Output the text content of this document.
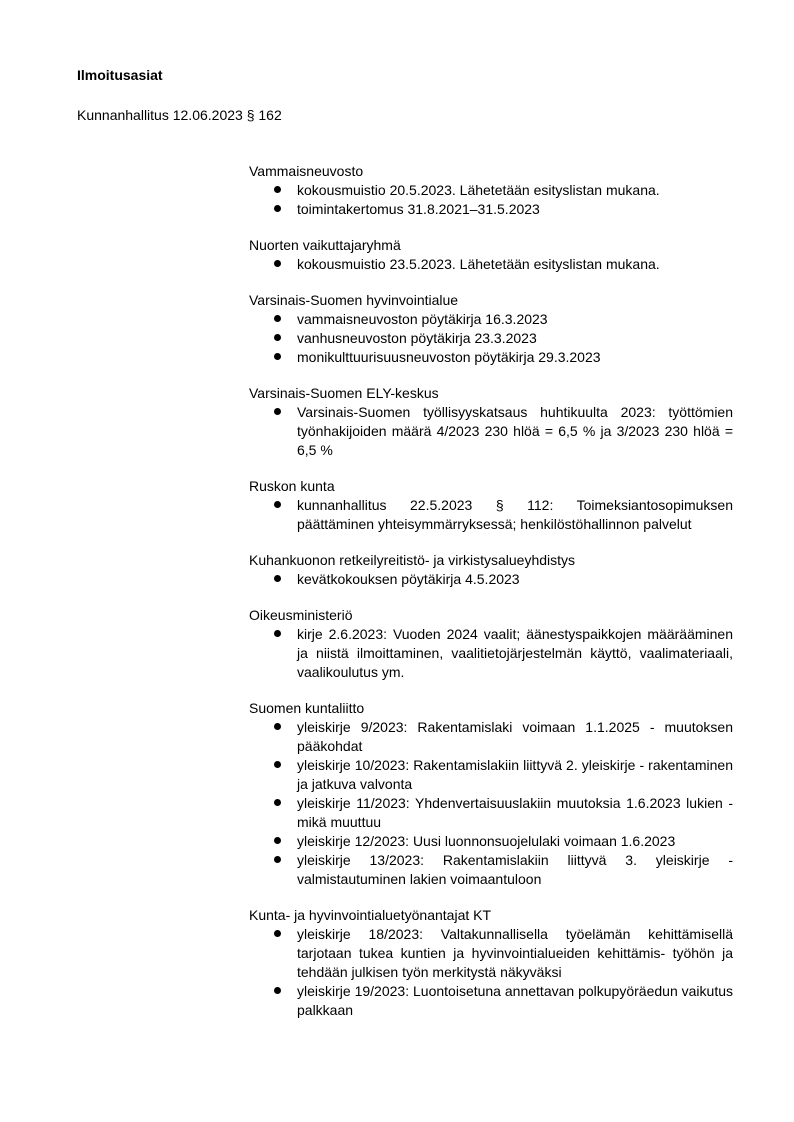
Ilmoitusasiat
Kunnanhallitus 12.06.2023 § 162
Vammaisneuvosto
kokousmuistio 20.5.2023. Lähetetään esityslistan mukana.
toimintakertomus 31.8.2021–31.5.2023
Nuorten vaikuttajaryhmä
kokousmuistio 23.5.2023. Lähetetään esityslistan mukana.
Varsinais-Suomen hyvinvointialue
vammaisneuvoston pöytäkirja 16.3.2023
vanhusneuvoston pöytäkirja 23.3.2023
monikulttuurisuusneuvoston pöytäkirja 29.3.2023
Varsinais-Suomen ELY-keskus
Varsinais-Suomen työllisyyskatsaus huhtikuulta 2023: työttömien työnhakijoiden määrä 4/2023 230 hlöä = 6,5 % ja 3/2023 230 hlöä = 6,5 %
Ruskon kunta
kunnanhallitus 22.5.2023 § 112: Toimeksiantosopimuksen päättäminen yhteisymmärryksessä; henkilöstöhallinnon palvelut
Kuhankuonon retkeilyreitistö- ja virkistysalueyhdistys
kevätkokouksen pöytäkirja 4.5.2023
Oikeusministeriö
kirje 2.6.2023: Vuoden 2024 vaalit; äänestyspaikkojen määrääminen ja niistä ilmoittaminen, vaalitietojärjestelmän käyttö, vaalimateriaali, vaalikoulutus ym.
Suomen kuntaliitto
yleiskirje 9/2023: Rakentamislaki voimaan 1.1.2025 - muutoksen pääkohdat
yleiskirje 10/2023: Rakentamislakiin liittyvä 2. yleiskirje - rakentaminen ja jatkuva valvonta
yleiskirje 11/2023: Yhdenvertaisuuslakiin muutoksia 1.6.2023 lukien - mikä muuttuu
yleiskirje 12/2023: Uusi luonnonsuojelulaki voimaan 1.6.2023
yleiskirje 13/2023: Rakentamislakiin liittyvä 3. yleiskirje - valmistautuminen lakien voimaantuloon
Kunta- ja hyvinvointialuetyönantajat KT
yleiskirje 18/2023: Valtakunnallisella työelämän kehittämisellä tarjotaan tukea kuntien ja hyvinvointialueiden kehittämis- työhön ja tehdään julkisen työn merkitystä näkyväksi
yleiskirje 19/2023: Luontoisetuna annettavan polkupyöräedun vaikutus palkkaan
